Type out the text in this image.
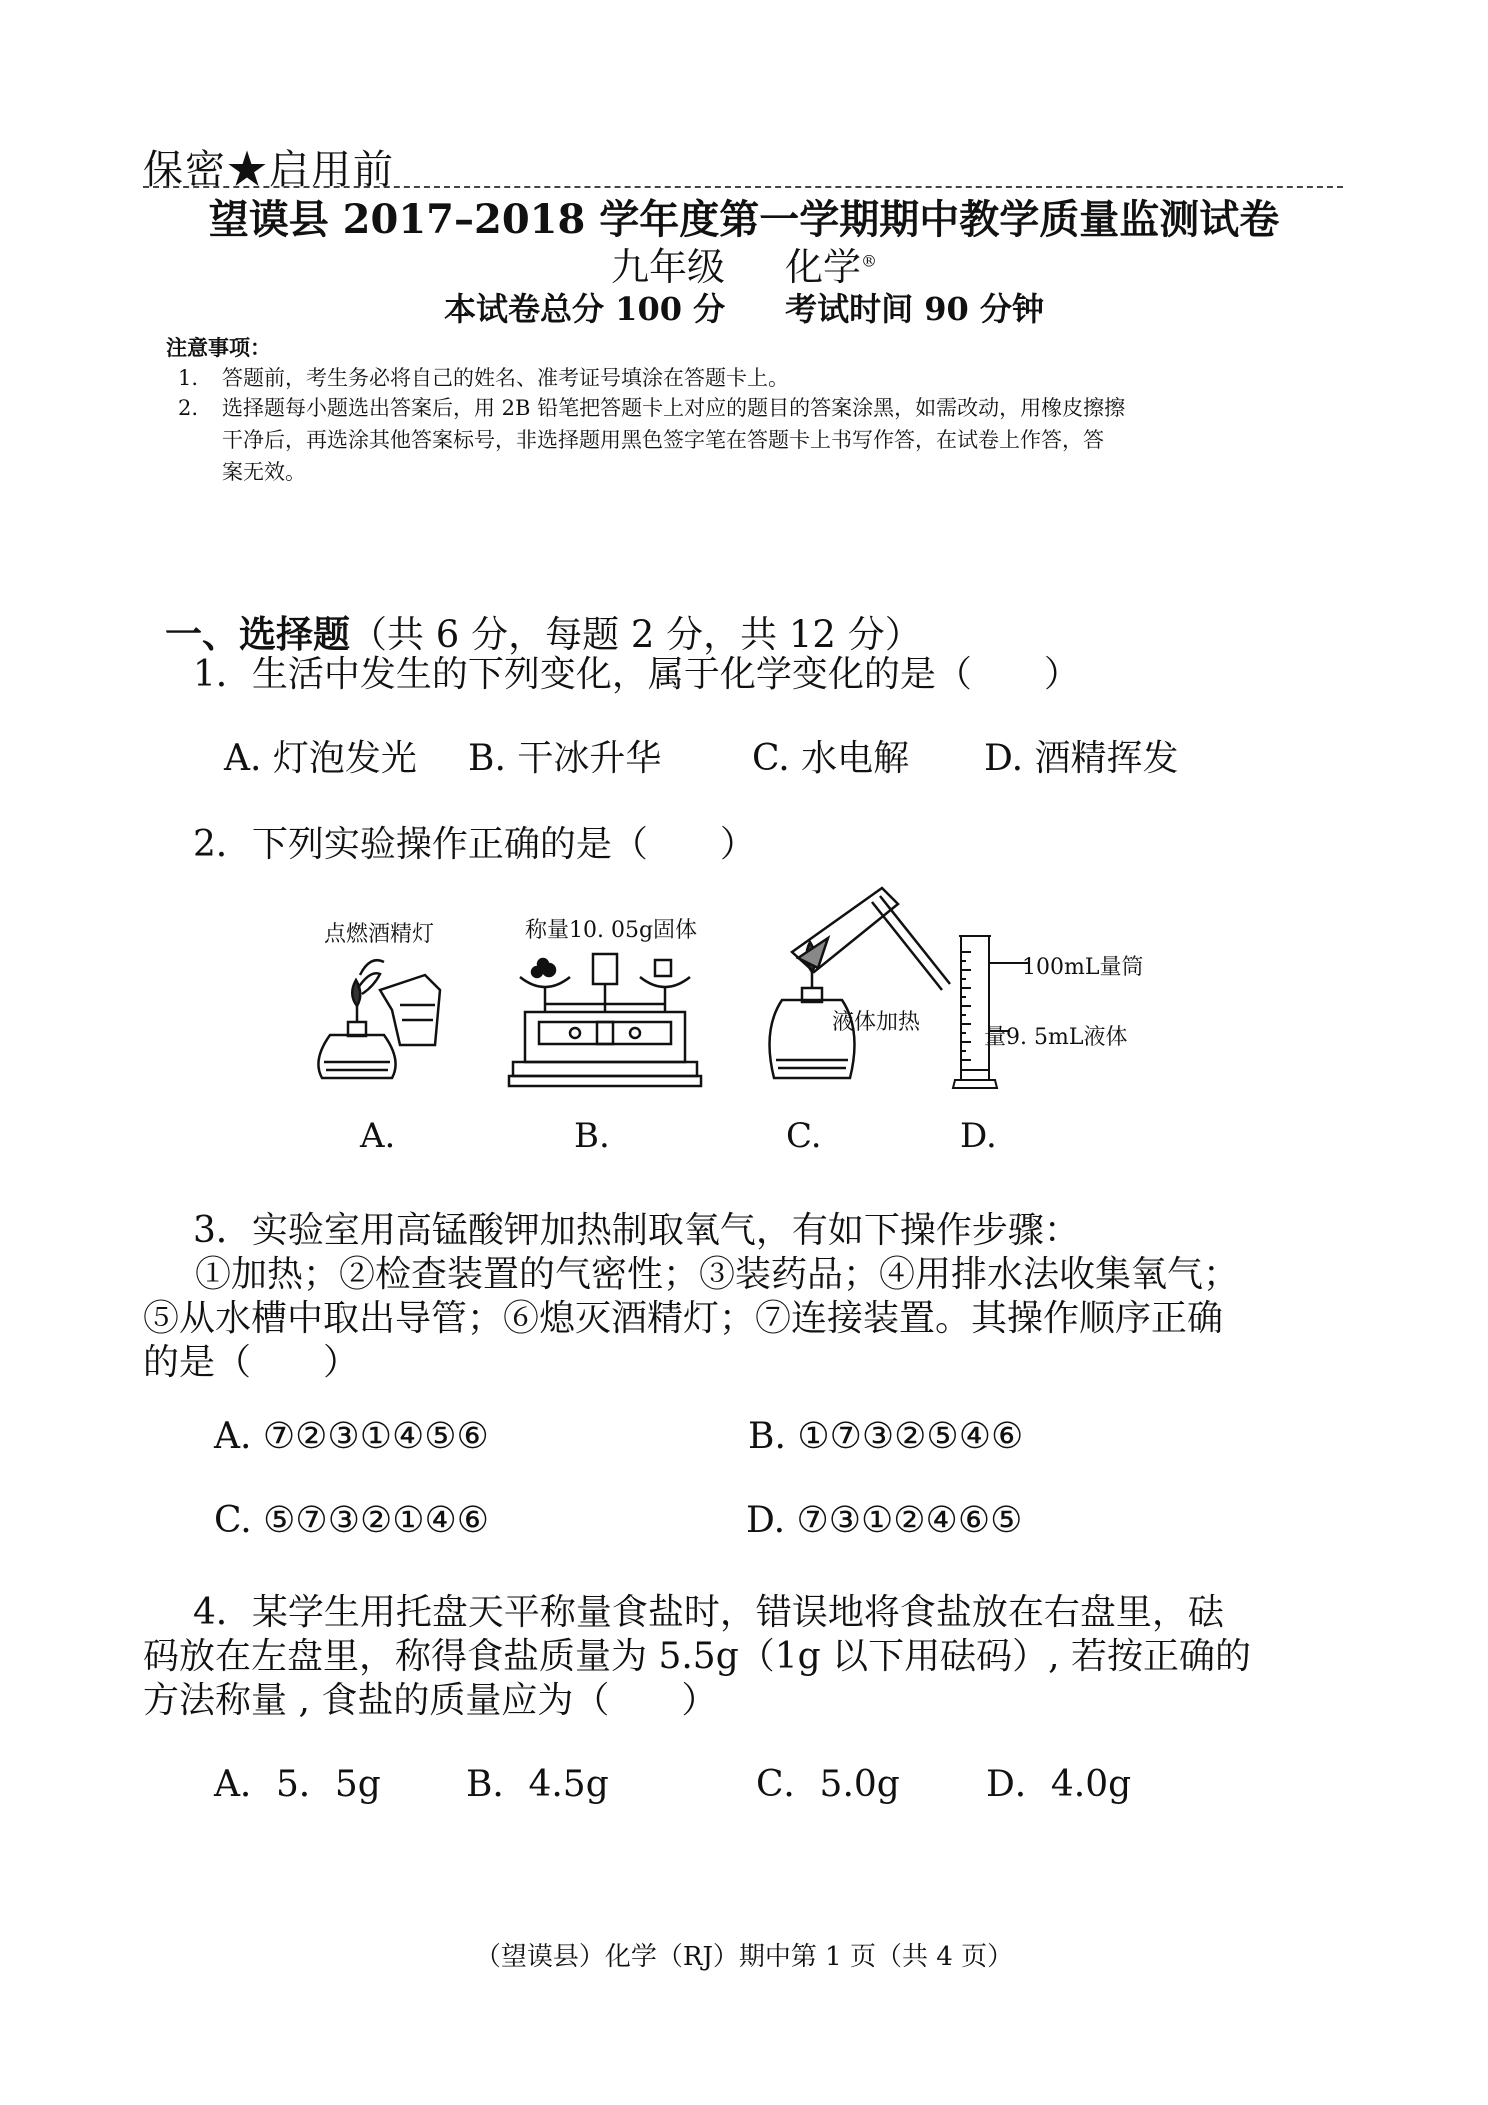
保密★启用前
望谟县 2017–2018 学年度第一学期期中教学质量监测试卷
九年级 化学®
本试卷总分 100 分 考试时间 90 分钟
注意事项：
1. 答题前，考生务必将自己的姓名、准考证号填涂在答题卡上。
2. 选择题每小题选出答案后，用 2B 铅笔把答题卡上对应的题目的答案涂黑，如需改动，用橡皮擦擦
干净后，再选涂其他答案标号，非选择题用黑色签字笔在答题卡上书写作答，在试卷上作答，答
案无效。
一、选择题（共 6 分，每题 2 分，共 12 分）
1．生活中发生的下列变化，属于化学变化的是（　　）
A. 灯泡发光 B. 干冰升华	C. 水电解 D. 酒精挥发
2．下列实验操作正确的是（　　）
点燃酒精灯
A.
称量10. 05g固体
B.
液体加热
C.
100mL量筒
量9. 5mL液体
D.
3．实验室用高锰酸钾加热制取氧气，有如下操作步骤：
①加热；②检查装置的气密性；③装药品；④用排水法收集氧气；
⑤从水槽中取出导管；⑥熄灭酒精灯；⑦连接装置。其操作顺序正确
的是（　　）
A. ⑦②③①④⑤⑥	B. ①⑦③②⑤④⑥
C. ⑤⑦③②①④⑥	D. ⑦③①②④⑥⑤
4．某学生用托盘天平称量食盐时，错误地将食盐放在右盘里，砝
码放在左盘里，称得食盐质量为 5.5g（1g 以下用砝码）, 若按正确的
方法称量 , 食盐的质量应为（　　）
A．5．5g B．4.5g	C．5.0g D．4.0g
（望谟县）化学（RJ）期中第 1 页（共 4 页）
